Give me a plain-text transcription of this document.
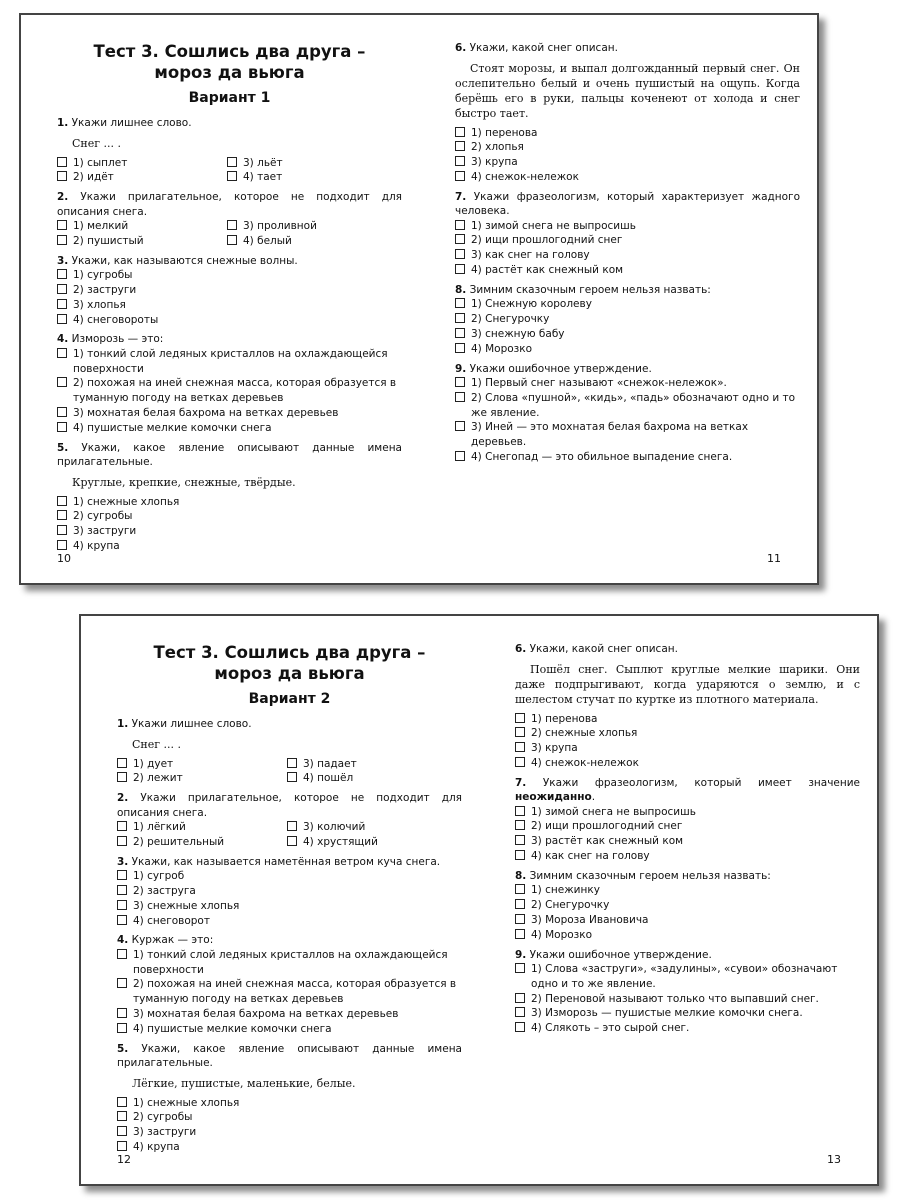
Тест 3. Сошлись два друга –
мороз да вьюга
Вариант 1
1. Укажи лишнее слово.
Снег ... .
1) сыплет	3) льёт
2) идёт	4) тает
2. Укажи прилагательное, которое не подходит для описания снега.
1) мелкий	3) проливной
2) пушистый	4) белый
3. Укажи, как называются снежные волны.
1) сугробы
2) заструги
3) хлопья
4) снеговороты
4. Изморозь — это:
1) тонкий слой ледяных кристаллов на охлаждающейся поверхности
2) похожая на иней снежная масса, которая образуется в туманную погоду на ветках деревьев
3) мохнатая белая бахрома на ветках деревьев
4) пушистые мелкие комочки снега
5. Укажи, какое явление описывают данные имена прилагательные.
Круглые, крепкие, снежные, твёрдые.
1) снежные хлопья
2) сугробы
3) заструги
4) крупа
6. Укажи, какой снег описан.
Стоят морозы, и выпал долгожданный первый снег. Он ослепительно белый и очень пушистый на ощупь. Когда берёшь его в руки, пальцы коченеют от холода и снег быстро тает.
1) перенова
2) хлопья
3) крупа
4) снежок-нележок
7. Укажи фразеологизм, который характеризует жадного человека.
1) зимой снега не выпросишь
2) ищи прошлогодний снег
3) как снег на голову
4) растёт как снежный ком
8. Зимним сказочным героем нельзя назвать:
1) Снежную королеву
2) Снегурочку
3) снежную бабу
4) Морозко
9. Укажи ошибочное утверждение.
1) Первый снег называют «снежок-нележок».
2) Слова «пушной», «кидь», «падь» обозначают одно и то же явление.
3) Иней — это мохнатая белая бахрома на ветках деревьев.
4) Снегопад — это обильное выпадение снега.
10	11
Тест 3. Сошлись два друга –
мороз да вьюга
Вариант 2
1. Укажи лишнее слово.
Снег ... .
1) дует	3) падает
2) лежит	4) пошёл
2. Укажи прилагательное, которое не подходит для описания снега.
1) лёгкий	3) колючий
2) решительный	4) хрустящий
3. Укажи, как называется наметённая ветром куча снега.
1) сугроб
2) заструга
3) снежные хлопья
4) снеговорот
4. Куржак — это:
1) тонкий слой ледяных кристаллов на охлаждающейся поверхности
2) похожая на иней снежная масса, которая образуется в туманную погоду на ветках деревьев
3) мохнатая белая бахрома на ветках деревьев
4) пушистые мелкие комочки снега
5. Укажи, какое явление описывают данные имена прилагательные.
Лёгкие, пушистые, маленькие, белые.
1) снежные хлопья
2) сугробы
3) заструги
4) крупа
6. Укажи, какой снег описан.
Пошёл снег. Сыплют круглые мелкие шарики. Они даже подпрыгивают, когда ударяются о землю, и с шелестом стучат по куртке из плотного материала.
1) перенова
2) снежные хлопья
3) крупа
4) снежок-нележок
7. Укажи фразеологизм, который имеет значение неожиданно.
1) зимой снега не выпросишь
2) ищи прошлогодний снег
3) растёт как снежный ком
4) как снег на голову
8. Зимним сказочным героем нельзя назвать:
1) снежинку
2) Снегурочку
3) Мороза Ивановича
4) Морозко
9. Укажи ошибочное утверждение.
1) Слова «заструги», «задулины», «сувои» обозначают одно и то же явление.
2) Переновой называют только что выпавший снег.
3) Изморозь — пушистые мелкие комочки снега.
4) Слякоть – это сырой снег.
12	13
